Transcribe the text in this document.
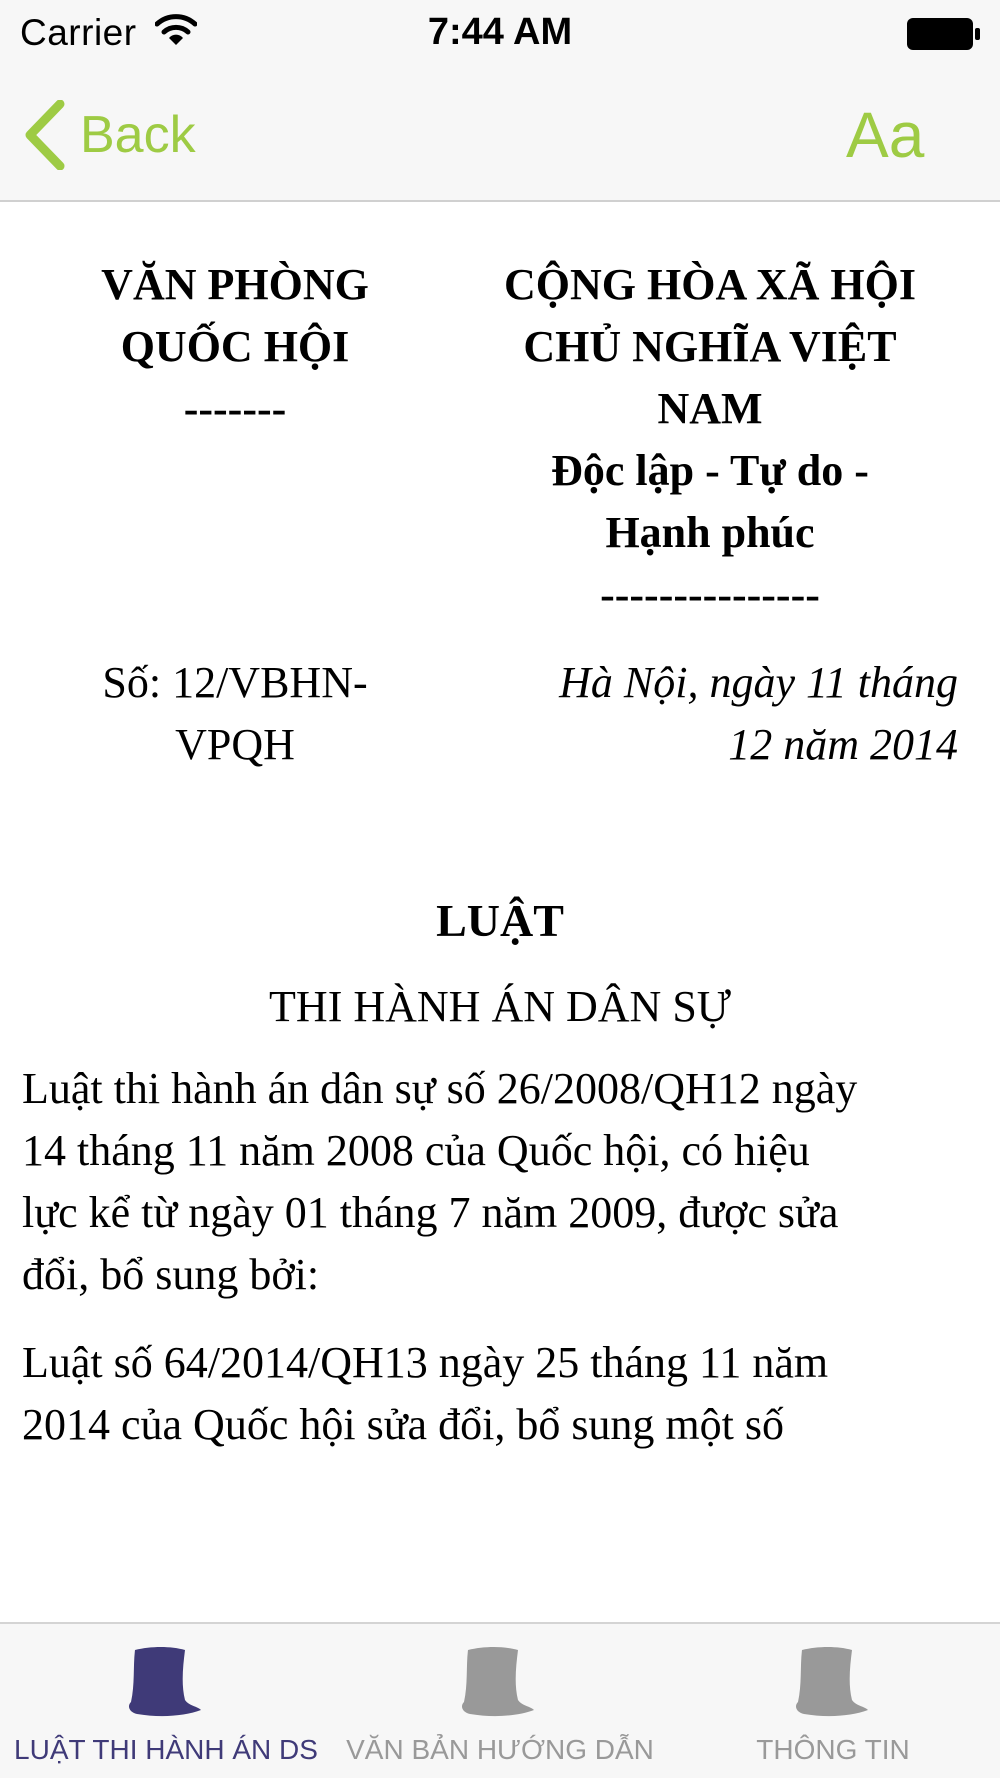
Carrier	7:44 AM
Back	Aa
VĂN PHÒNG
QUỐC HỘI
-------
CỘNG HÒA XÃ HỘI
CHỦ NGHĨA VIỆT
NAM
Độc lập - Tự do -
Hạnh phúc
---------------
Số: 12/VBHN-
VPQH
Hà Nội, ngày 11 tháng
12 năm 2014
LUẬT
THI HÀNH ÁN DÂN SỰ
Luật thi hành án dân sự số 26/2008/QH12 ngày
14 tháng 11 năm 2008 của Quốc hội, có hiệu
lực kể từ ngày 01 tháng 7 năm 2009, được sửa
đổi, bổ sung bởi:
Luật số 64/2014/QH13 ngày 25 tháng 11 năm
2014 của Quốc hội sửa đổi, bổ sung một số
LUẬT THI HÀNH ÁN DS	VĂN BẢN HƯỚNG DẪN	THÔNG TIN
